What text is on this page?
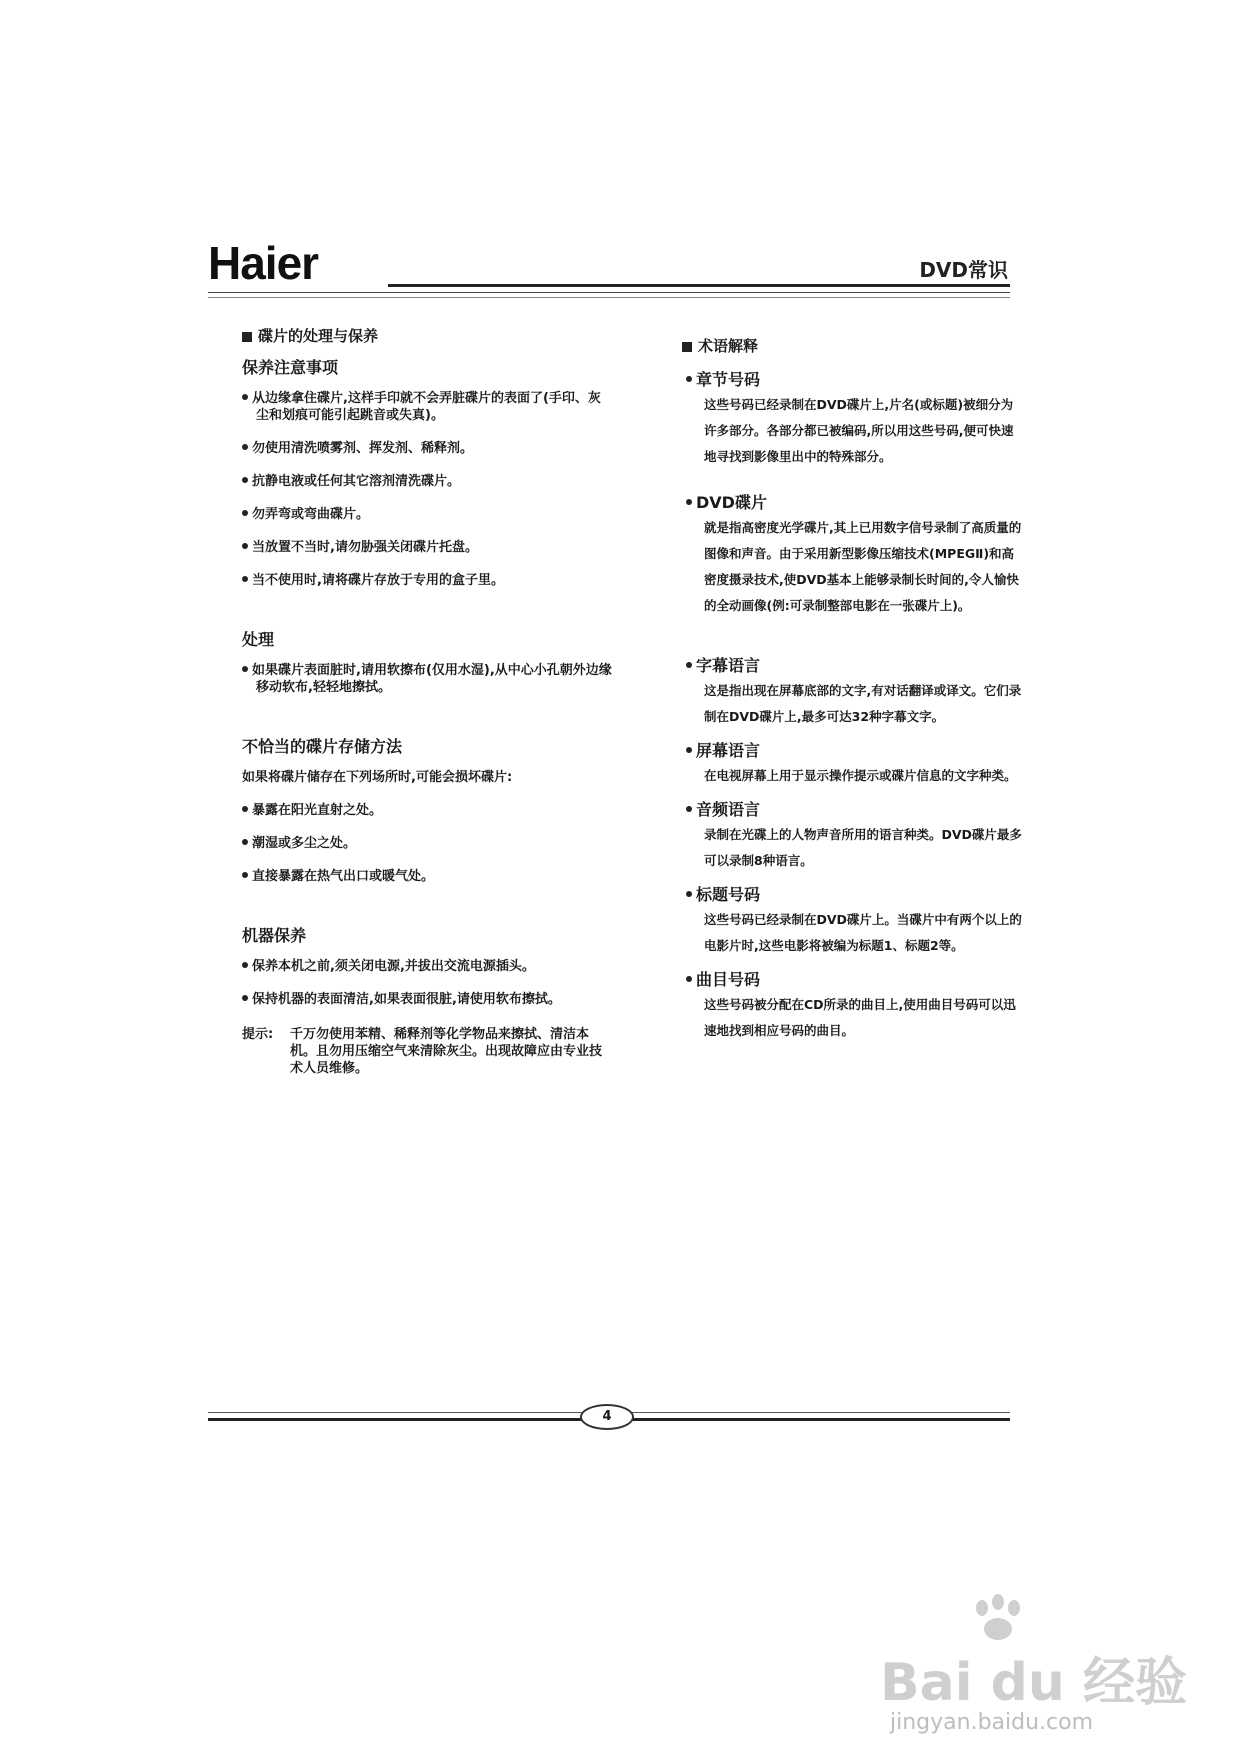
Haier	DVD常识
碟片的处理与保养
保养注意事项
从边缘拿住碟片,这样手印就不会弄脏碟片的表面了(手印、灰尘和划痕可能引起跳音或失真)。
勿使用清洗喷雾剂、挥发剂、稀释剂。
抗静电液或任何其它溶剂清洗碟片。
勿弄弯或弯曲碟片。
当放置不当时,请勿胁强关闭碟片托盘。
当不使用时,请将碟片存放于专用的盒子里。
处理
如果碟片表面脏时,请用软擦布(仅用水湿),从中心小孔朝外边缘移动软布,轻轻地擦拭。
不恰当的碟片存储方法
如果将碟片储存在下列场所时,可能会损坏碟片:
暴露在阳光直射之处。
潮湿或多尘之处。
直接暴露在热气出口或暖气处。
机器保养
保养本机之前,须关闭电源,并拔出交流电源插头。
保持机器的表面清洁,如果表面很脏,请使用软布擦拭。
提示:	千万勿使用苯精、稀释剂等化学物品来擦拭、清洁本机。且勿用压缩空气来清除灰尘。出现故障应由专业技术人员维修。
术语解释
章节号码
这些号码已经录制在DVD碟片上,片名(或标题)被细分为许多部分。各部分都已被编码,所以用这些号码,便可快速地寻找到影像里出中的特殊部分。
DVD碟片
就是指高密度光学碟片,其上已用数字信号录制了高质量的图像和声音。由于采用新型影像压缩技术(MPEGⅡ)和高密度摄录技术,使DVD基本上能够录制长时间的,令人愉快的全动画像(例:可录制整部电影在一张碟片上)。
字幕语言
这是指出现在屏幕底部的文字,有对话翻译或译文。它们录制在DVD碟片上,最多可达32种字幕文字。
屏幕语言
在电视屏幕上用于显示操作提示或碟片信息的文字种类。
音频语言
录制在光碟上的人物声音所用的语言种类。DVD碟片最多可以录制8种语言。
标题号码
这些号码已经录制在DVD碟片上。当碟片中有两个以上的电影片时,这些电影将被编为标题1、标题2等。
曲目号码
这些号码被分配在CD所录的曲目上,使用曲目号码可以迅速地找到相应号码的曲目。
4
Bai du 经验
jingyan.baidu.com
